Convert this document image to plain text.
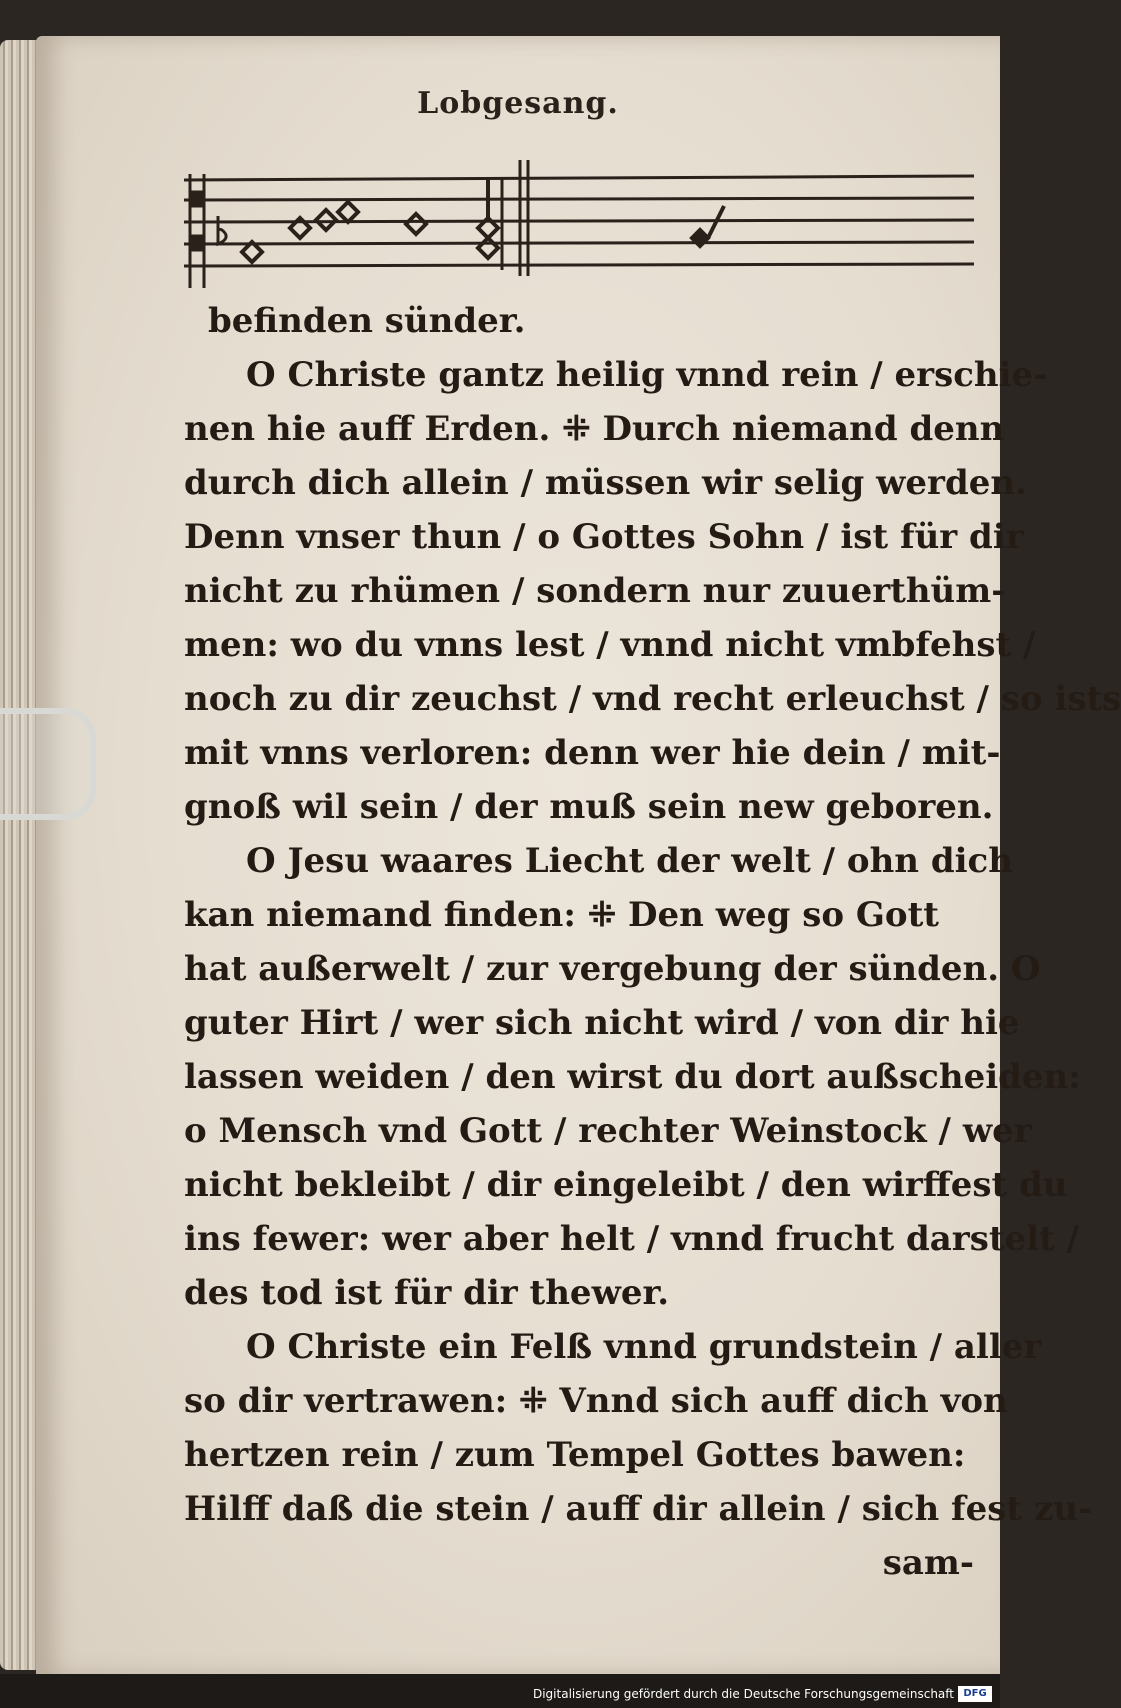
Lobgesang.
befinden sünder.
O Christe gantz heilig vnnd rein / erschie-
nen hie auff Erden. ⁜ Durch niemand denn
durch dich allein / müssen wir selig werden.
Denn vnser thun / o Gottes Sohn / ist für dir
nicht zu rhümen / sondern nur zuuerthüm-
men: wo du vnns lest / vnnd nicht vmbfehst /
noch zu dir zeuchst / vnd recht erleuchst / so ists
mit vnns verloren: denn wer hie dein / mit-
gnoß wil sein / der muß sein new geboren.
O Jesu waares Liecht der welt / ohn dich
kan niemand finden: ⁜ Den weg so Gott
hat außerwelt / zur vergebung der sünden. O
guter Hirt / wer sich nicht wird / von dir hie
lassen weiden / den wirst du dort außscheiden:
o Mensch vnd Gott / rechter Weinstock / wer
nicht bekleibt / dir eingeleibt / den wirffest du
ins fewer: wer aber helt / vnnd frucht darstelt /
des tod ist für dir thewer.
O Christe ein Felß vnnd grundstein / aller
so dir vertrawen: ⁜ Vnnd sich auff dich von
hertzen rein / zum Tempel Gottes bawen:
Hilff daß die stein / auff dir allein / sich fest zu-
sam-
Digitalisierung gefördert durch die Deutsche Forschungsgemeinschaft DFG
